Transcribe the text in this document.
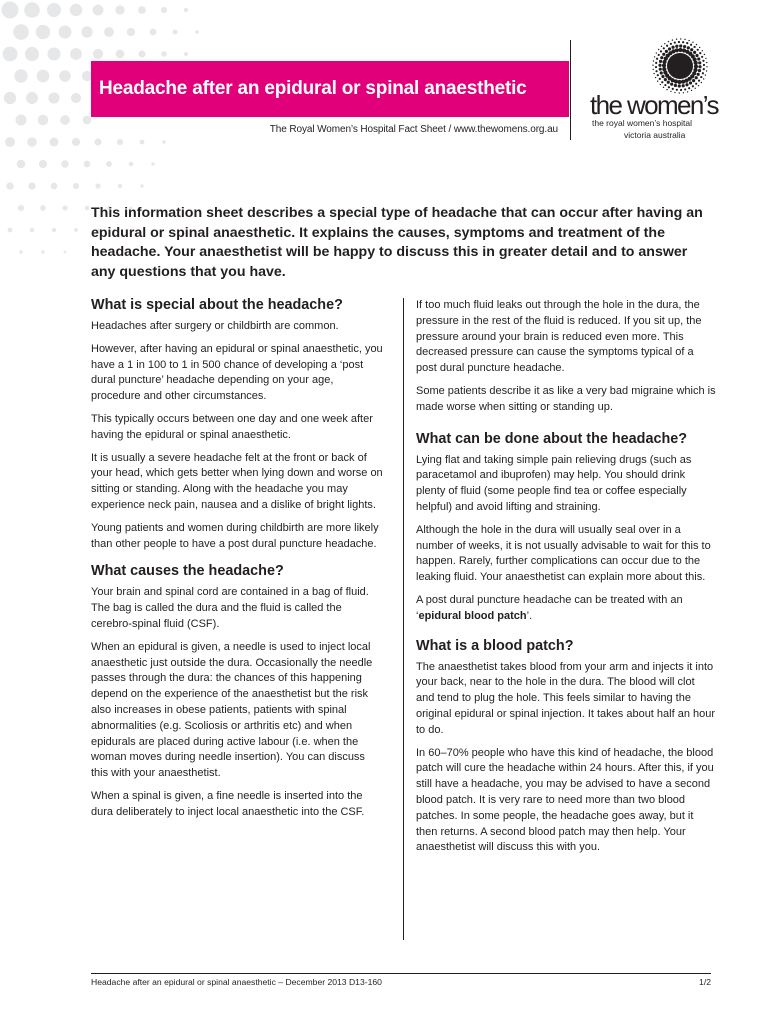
Headache after an epidural or spinal anaesthetic
The Royal Women’s Hospital Fact Sheet / www.thewomens.org.au
the women’s
the royal women’s hospital
victoria australia
This information sheet describes a special type of headache that can occur after having an epidural or spinal anaesthetic. It explains the causes, symptoms and treatment of the headache. Your anaesthetist will be happy to discuss this in greater detail and to answer any questions that you have.
What is special about the headache?

Headaches after surgery or childbirth are common.

However, after having an epidural or spinal anaesthetic, you have a 1 in 100 to 1 in 500 chance of developing a ‘post dural puncture’ headache depending on your age, procedure and other circumstances.

This typically occurs between one day and one week after having the epidural or spinal anaesthetic.

It is usually a severe headache felt at the front or back of your head, which gets better when lying down and worse on sitting or standing. Along with the headache you may experience neck pain, nausea and a dislike of bright lights.

Young patients and women during childbirth are more likely than other people to have a post dural puncture headache.

What causes the headache?

Your brain and spinal cord are contained in a bag of fluid. The bag is called the dura and the fluid is called the cerebro-spinal fluid (CSF).

When an epidural is given, a needle is used to inject local anaesthetic just outside the dura. Occasionally the needle passes through the dura: the chances of this happening depend on the experience of the anaesthetist but the risk also increases in obese patients, patients with spinal abnormalities (e.g. Scoliosis or arthritis etc) and when epidurals are placed during active labour (i.e. when the woman moves during needle insertion). You can discuss this with your anaesthetist.

When a spinal is given, a fine needle is inserted into the dura deliberately to inject local anaesthetic into the CSF.

If too much fluid leaks out through the hole in the dura, the pressure in the rest of the fluid is reduced. If you sit up, the pressure around your brain is reduced even more. This decreased pressure can cause the symptoms typical of a post dural puncture headache.

Some patients describe it as like a very bad migraine which is made worse when sitting or standing up.

What can be done about the headache?

Lying flat and taking simple pain relieving drugs (such as paracetamol and ibuprofen) may help. You should drink plenty of fluid (some people find tea or coffee especially helpful) and avoid lifting and straining.

Although the hole in the dura will usually seal over in a number of weeks, it is not usually advisable to wait for this to happen. Rarely, further complications can occur due to the leaking fluid. Your anaesthetist can explain more about this.

A post dural puncture headache can be treated with an ‘epidural blood patch’.

What is a blood patch?

The anaesthetist takes blood from your arm and injects it into your back, near to the hole in the dura. The blood will clot and tend to plug the hole. This feels similar to having the original epidural or spinal injection. It takes about half an hour to do.

In 60–70% people who have this kind of headache, the blood patch will cure the headache within 24 hours. After this, if you still have a headache, you may be advised to have a second blood patch. It is very rare to need more than two blood patches. In some people, the headache goes away, but it then returns. A second blood patch may then help. Your anaesthetist will discuss this with you.

Headache after an epidural or spinal anaesthetic – December 2013 D13-160	1/2
